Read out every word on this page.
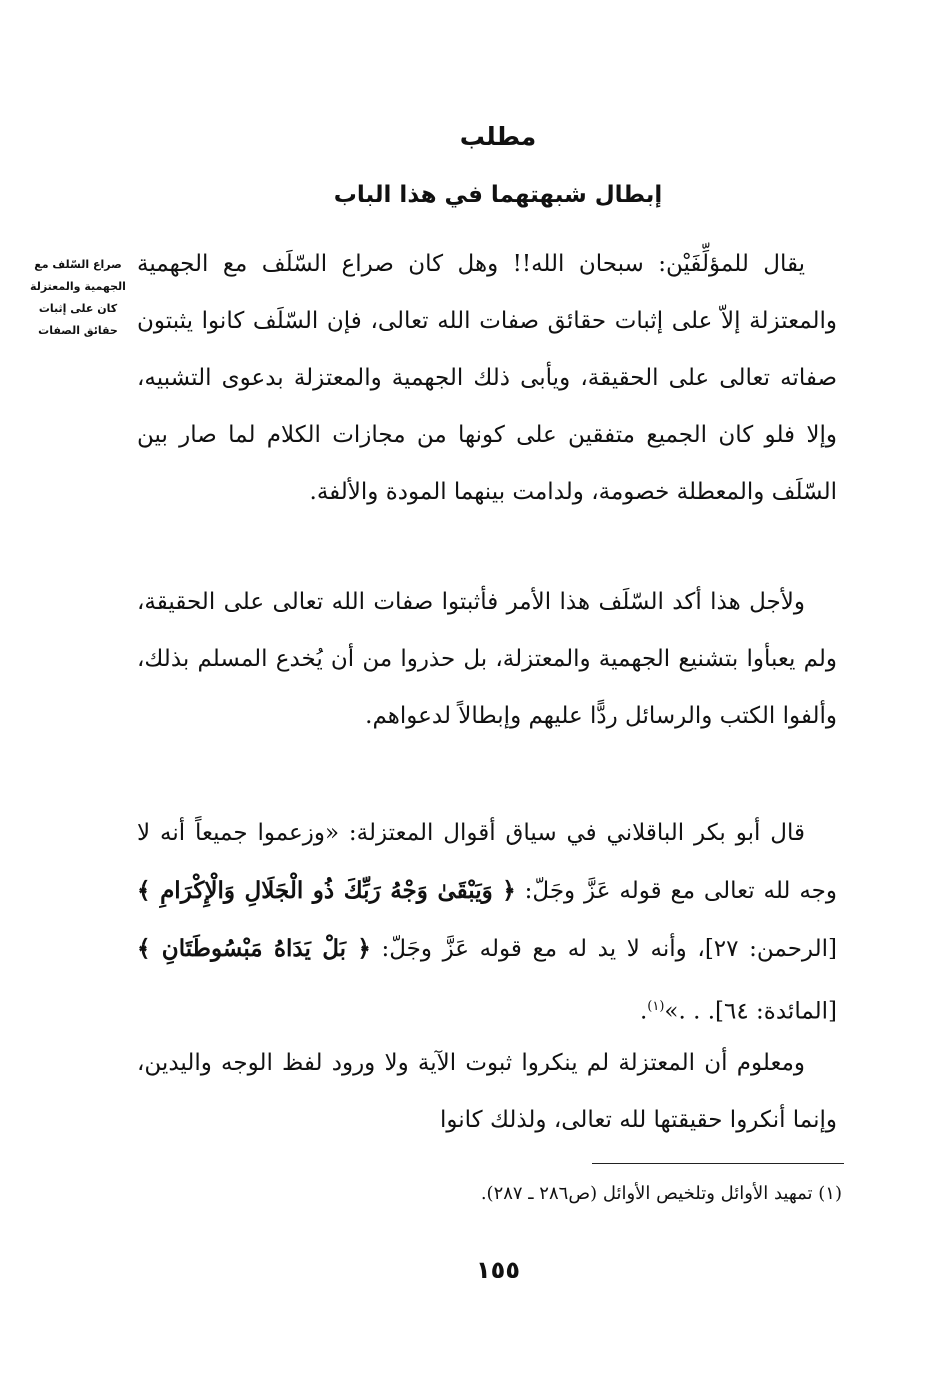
مطلب
إبطال شبهتهما في هذا الباب
صراع السّلف مع الجهمية والمعتزلة كان على إثبات حقائق الصفات

يقال للمؤلِّفَيْن: سبحان الله!! وهل كان صراع السّلَف مع الجهمية والمعتزلة إلاّ على إثبات حقائق صفات الله تعالى، فإن السّلَف كانوا يثبتون صفاته تعالى على الحقيقة، ويأبى ذلك الجهمية والمعتزلة بدعوى التشبيه، وإلا فلو كان الجميع متفقين على كونها من مجازات الكلام لما صار بين السّلَف والمعطلة خصومة، ولدامت بينهما المودة والألفة.

ولأجل هذا أكد السّلَف هذا الأمر فأثبتوا صفات الله تعالى على الحقيقة، ولم يعبأوا بتشنيع الجهمية والمعتزلة، بل حذروا من أن يُخدع المسلم بذلك، وألفوا الكتب والرسائل ردًّا عليهم وإبطالاً لدعواهم.

قال أبو بكر الباقلاني في سياق أقوال المعتزلة: «وزعموا جميعاً أنه لا وجه لله تعالى مع قوله عَزَّ وجَلّ: ﴿ وَيَبْقَىٰ وَجْهُ رَبِّكَ ذُو الْجَلَالِ وَالْإِكْرَامِ ﴾ [الرحمن: ٢٧]، وأنه لا يد له مع قوله عَزَّ وجَلّ: ﴿ بَلْ يَدَاهُ مَبْسُوطَتَانِ ﴾ [المائدة: ٦٤]. . .»$^{(١)}$.

ومعلوم أن المعتزلة لم ينكروا ثبوت الآية ولا ورود لفظ الوجه واليدين، وإنما أنكروا حقيقتها لله تعالى، ولذلك كانوا

(١) تمهيد الأوائل وتلخيص الأوائل (ص٢٨٦ ـ ٢٨٧).
١٥٥
